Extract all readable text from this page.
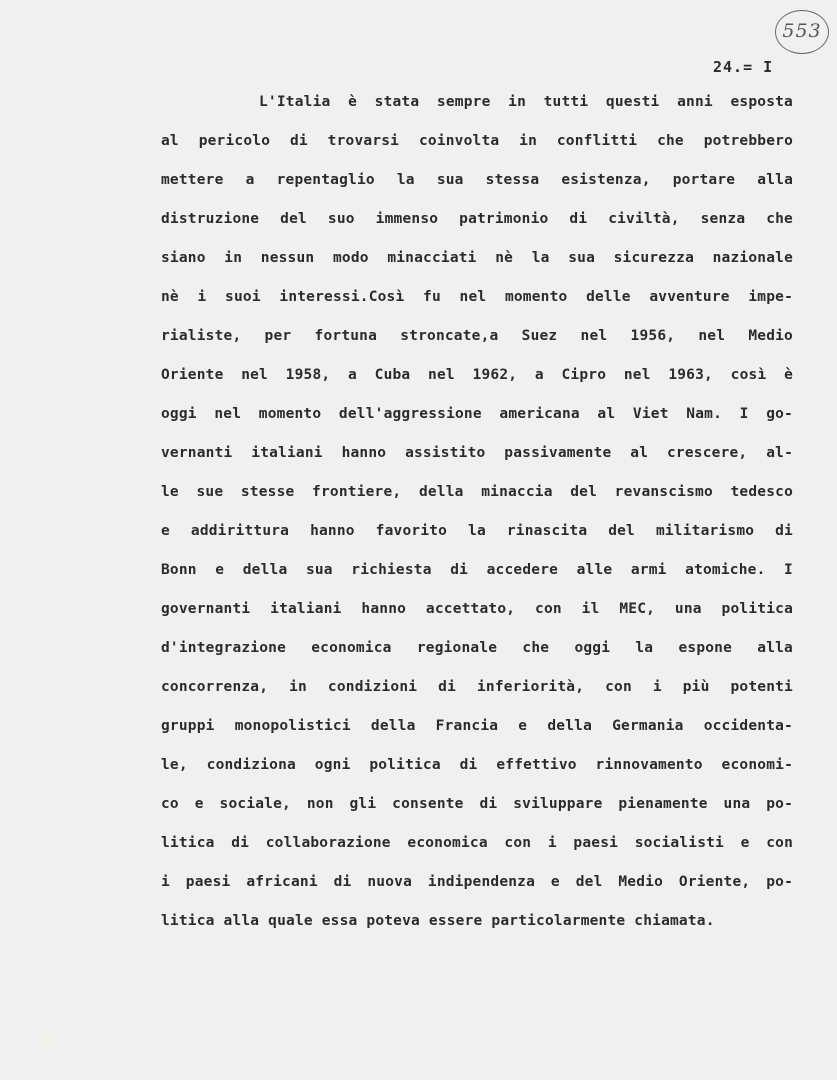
553
24.= I
L'Italia è stata sempre in tutti questi anni esposta
al pericolo di trovarsi coinvolta in conflitti che potrebbero
mettere a repentaglio la sua stessa esistenza, portare alla
distruzione del suo immenso patrimonio di civiltà, senza che
siano in nessun modo minacciati nè la sua sicurezza nazionale
nè i suoi interessi.Così fu nel momento delle avventure impe-
rialiste, per fortuna stroncate,a Suez nel 1956, nel Medio
Oriente nel 1958, a Cuba nel 1962, a Cipro nel 1963, così è
oggi nel momento dell'aggressione americana al Viet Nam. I go-
vernanti italiani hanno assistito passivamente al crescere, al-
le sue stesse frontiere, della minaccia del revanscismo tedesco
e addirittura hanno favorito la rinascita del militarismo di
Bonn e della sua richiesta di accedere alle armi atomiche. I
governanti italiani hanno accettato, con il MEC, una politica
d'integrazione economica regionale che oggi la espone alla
concorrenza, in condizioni di inferiorità, con i più potenti
gruppi monopolistici della Francia e della Germania occidenta-
le, condiziona ogni politica di effettivo rinnovamento economi-
co e sociale, non gli consente di sviluppare pienamente una po-
litica di collaborazione economica con i paesi socialisti e con
i paesi africani di nuova indipendenza e del Medio Oriente, po-
litica alla quale essa poteva essere particolarmente chiamata.
10
